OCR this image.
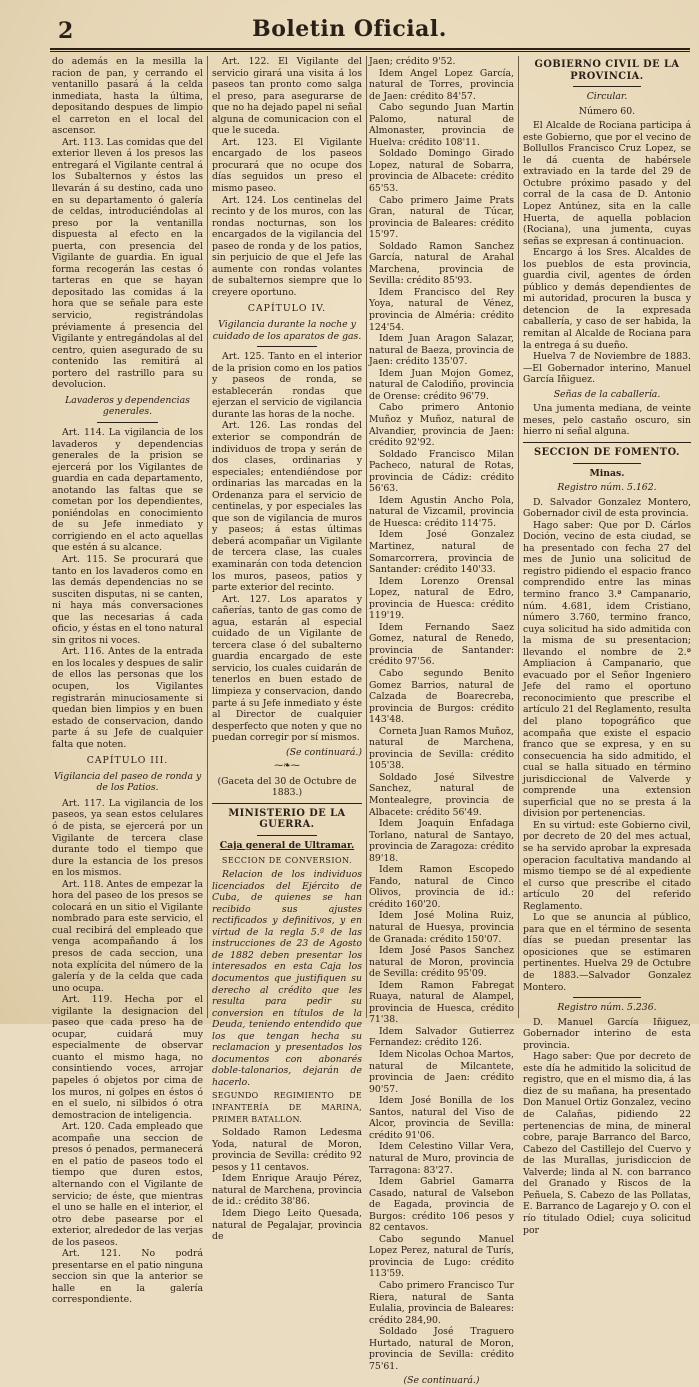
2	Boletin Oficial.

do además en la mesilla la racion de pan, y cerrando el ventanillo pasará á la celda inmediata, hasta la última, depositando despues de limpio el carreton en el local del ascensor.

Art. 113. Las comidas que del exterior lleven á los presos las entregará el Vigilante central á los Subalternos y éstos las llevarán á su destino, cada uno en su departamento ó galería de celdas, introduciéndolas al preso por la ventanilla dispuesta al efecto en la puerta, con presencia del Vigilante de guardia. En igual forma recogerán las cestas ó tarteras en que se hayan depositado las comidas á la hora que se señale para este servicio, registrándolas préviamente á presencia del Vigilante y entregándolas al del centro, quien asegurado de su contenido las remitirá al portero del rastrillo para su devolucion.

Lavaderos y dependencias generales.

Art. 114. La vigilancia de los lavaderos y dependencias generales de la prision se ejercerá por los Vigilantes de guardia en cada departamento, anotando las faltas que se cometan por los dependientes, poniéndolas en conocimiento de su Jefe inmediato y corrigiendo en el acto aquellas que estén á su alcance.

Art. 115. Se procurará que tanto en los lavaderos como en las demás dependencias no se susciten disputas, ni se canten, ni haya más conversaciones que las necesarias á cada oficio, y éstas en el tono natural sin gritos ni voces.

Art. 116. Antes de la entrada en los locales y despues de salir de ellos las personas que los ocupen, los Vigilantes registrarán minuciosamente si quedan bien limpios y en buen estado de conservacion, dando parte á su Jefe de cualquier falta que noten.

CAPÍTULO III.

Vigilancia del paseo de ronda y de los Patios.

Art. 117. La vigilancia de los paseos, ya sean estos celulares ó de pista, se ejercerá por un Vigilante de tercera clase durante todo el tiempo que dure la estancia de los presos en los mismos.

Art. 118. Antes de empezar la hora del paseo de los presos se colocará en un sitio el Vigilante nombrado para este servicio, el cual recibirá del empleado que venga acompañando á los presos de cada seccion, una nota explícita del número de la galería y de la celda que cada uno ocupa.

Art. 119. Hecha por el vigilante la designacion del paseo que cada preso ha de ocupar, cuidará muy especialmente de observar cuanto el mismo haga, no consintiendo voces, arrojar papeles ó objetos por cima de los muros, ni golpes en éstos ó en el suelo, ni silbidos ó otra demostracion de inteligencia.

Art. 120. Cada empleado que acompañe una seccion de presos ó penados, permanecerá en el patio de paseos todo el tiempo que duren estos, alternando con el Vigilante de servicio; de éste, que mientras el uno se halle en el interior, el otro debe pasearse por el exterior, alrededor de las verjas de los paseos.

Art. 121. No podrá presentarse en el patio ninguna seccion sin que la anterior se halle en la galería correspondiente.

Art. 122. El Vigilante del servicio girará una visita á los paseos tan pronto como salga el preso, para asegurarse de que no ha dejado papel ni señal alguna de comunicacion con el que le suceda.

Art. 123. El Vigilante encargado de los paseos procurará que no ocupe dos días seguidos un preso el mismo paseo.

Art. 124. Los centinelas del recinto y de los muros, con las rondas nocturnas, son los encargados de la vigilancia del paseo de ronda y de los patios, sin perjuicio de que el Jefe las aumente con rondas volantes de subalternos siempre que lo creyere oportuno.

CAPÍTULO IV.

Vigilancia durante la noche y cuidado de los aparatos de gas.

Art. 125. Tanto en el interior de la prision como en los patios y paseos de ronda, se establecerán rondas que ejerzan el servicio de vigilancia durante las horas de la noche.

Art. 126. Las rondas del exterior se compondrán de individuos de tropa y serán de dos clases, ordinarias y especiales; entendiéndose por ordinarias las marcadas en la Ordenanza para el servicio de centinelas, y por especiales las que son de vigilancia de muros y paseos; á estas últimas deberá acompañar un Vigilante de tercera clase, las cuales examinarán con toda detencion los muros, paseos, patios y parte exterior del recinto.

Art. 127. Los aparatos y cañerías, tanto de gas como de agua, estarán al especial cuidado de un Vigilante de tercera clase ó del subalterno guardia encargado de este servicio, los cuales cuidarán de tenerlos en buen estado de limpieza y conservacion, dando parte á su Jefe inmediato y éste al Director de cualquier desperfecto que noten y que no puedan corregir por sí mismos.

(Se continuará.)

⁓❧⁓

(Gaceta del 30 de Octubre de 1883.)

MINISTERIO DE LA GUERRA.

Caja general de Ultramar.

SECCION DE CONVERSION.

Relacion de los individuos licenciados del Ejército de Cuba, de quienes se han recibido sus ajustes rectificados y definitivos, y en virtud de la regla 5.ª de las instrucciones de 23 de Agosto de 1882 deben presentar los interesados en esta Caja los documentos que justifiquen su derecho al crédito que les resulta para pedir su conversion en títulos de la Deuda, teniendo entendido que los que tengan hecha su reclamacion y presentados los documentos con abonarés doble-talonarios, dejarán de hacerlo.

SEGUNDO REGIMIENTO DE INFANTERÍA DE MARINA, PRIMER BATALLON.

Soldado Ramon Ledesma Yoda, natural de Moron, provincia de Sevilla: crédito 92 pesos y 11 centavos.

Idem Enrique Araujo Pérez, natural de Marchena, provincia de id.: crédito 38'86.

Idem Diego Leito Quesada, natural de Pegalajar, provincia de

Jaen; crédito 9'52.

Idem Angel Lopez García, natural de Torres, provincia de Jaen: crédito 84'57.

Cabo segundo Juan Martin Palomo, natural de Almonaster, provincia de Huelva: crédito 108'11.

Soldado Domingo Girado Lopez, natural de Sobarra, provincia de Albacete: crédito 65'53.

Cabo primero Jaime Prats Gran, natural de Túcar, provincia de Baleares: crédito 15'97.

Soldado Ramon Sanchez García, natural de Arahal Marchena, provincia de Sevilla: crédito 85'93.

Idem Francisco del Rey Yoya, natural de Vénez, provincia de Alméria: crédito 124'54.

Idem Juan Aragon Salazar, natural de Baeza, provincia de Jaen: crédito 135'07.

Idem Juan Mojon Gomez, natural de Calodiño, provincia de Orense: crédito 96'79.

Cabo primero Antonio Muñoz y Muñoz, natural de Alvandier, provincia de Jaen: crédito 92'92.

Soldado Francisco Milan Pacheco, natural de Rotas, provincia de Cádiz: crédito 56'63.

Idem Agustin Ancho Pola, natural de Vizcamil, provincia de Huesca: crédito 114'75.

Idem José Gonzalez Martinez, natural de Somarcorrera, provincia de Santander: crédito 140'33.

Idem Lorenzo Orensal Lopez, natural de Edro, provincia de Huesca: crédito 119'19.

Idem Fernando Saez Gomez, natural de Renedo, provincia de Santander: crédito 97'56.

Cabo segundo Benito Gomez Barrios, natural de Calzada de Boarecreba, provincia de Burgos: crédito 143'48.

Corneta Juan Ramos Muñoz, natural de Marchena, provincia de Sevilla: crédito 105'38.

Soldado José Silvestre Sanchez, natural de Montealegre, provincia de Albacete: crédito 56'49.

Idem Joaquin Enfadaga Torlano, natural de Santayo, provincia de Zaragoza: crédito 89'18.

Idem Ramon Escopedo Fando, natural de Cinco Olivos, provincia de id.: crédito 160'20.

Idem José Molina Ruiz, natural de Huesya, provincia de Granada: crédito 150'07.

Idem José Pasos Sanchez natural de Moron, provincia de Sevilla: crédito 95'09.

Idem Ramon Fabregat Ruaya, natural de Alampel, provincia de Huesca, crédito 71'38.

Idem Salvador Gutierrez Fernandez: crédito 126.

Idem Nicolas Ochoa Martos, natural de Milcantete, provincia de Jaen: crédito 90'57.

Idem José Bonilla de los Santos, natural del Viso de Alcor, provincia de Sevilla: crédito 91'06.

Idem Celestino Villar Vera, natural de Muro, provincia de Tarragona: 83'27.

Idem Gabriel Gamarra Casado, natural de Valsebon de Eagada, provincia de Burgos: crédito 106 pesos y 82 centavos.

Cabo segundo Manuel Lopez Perez, natural de Turís, provincia de Lugo: crédito 113'59.

Cabo primero Francisco Tur Riera, natural de Santa Eulalia, provincia de Baleares: crédito 284,90.

Soldado José Traguero Hurtado, natural de Moron, provincia de Sevilla: crédito 75'61.

(Se continuará.)

GOBIERNO CIVIL DE LA PROVINCIA.

Circular.

Número 60.

El Alcalde de Rociana participa á este Gobierno, que por el vecino de Bollullos Francisco Cruz Lopez, se le dá cuenta de habérsele extraviado en la tarde del 29 de Octubre próximo pasado y del corral de la casa de D. Antonio Lopez Antúnez, sita en la calle Huerta, de aquella poblacion (Rociana), una jumenta, cuyas señas se expresan á continuacion.

Encargo á los Sres. Alcaldes de los pueblos de esta provincia, guardia civil, agentes de órden público y demás dependientes de mi autoridad, procuren la busca y detencion de la expresada caballería, y caso de ser habida, la remitan al Alcalde de Rociana para la entrega á su dueño.

Huelva 7 de Noviembre de 1883.—El Gobernador interino, Manuel García Iñiguez.

Señas de la caballería.

Una jumenta mediana, de veinte meses, pelo castaño oscuro, sin hierro ni señal alguna.

SECCION DE FOMENTO.

Minas.

Registro núm. 5.162.

D. Salvador Gonzalez Montero, Gobernador civil de esta provincia.

Hago saber: Que por D. Cárlos Doción, vecino de esta ciudad, se ha presentado con fecha 27 del mes de Junio una solicitud de registro pidiendo el espacio franco comprendido entre las minas termino franco 3.ª Campanario, núm. 4.681, idem Cristiano, número 3.760, termino franco, cuya solicitud ha sido admitida con la misma de su presentacion; llevando el nombre de 2.ª Ampliacion á Campanario, que evacuado por el Señor Ingeniero Jefe del ramo el oportuno reconocimiento que prescribe el artículo 21 del Reglamento, resulta del plano topográfico que acompaña que existe el espacio franco que se expresa, y en su consecuencia ha sido admitido, el cual se halla situado en término jurisdiccional de Valverde y comprende una extension superficial que no se presta á la division por pertenencias.

En su virtud: este Gobierno civil, por decreto de 20 del mes actual, se ha servido aprobar la expresada operacion facultativa mandando al mismo tiempo se dé al expediente el curso que prescribe el citado artículo 20 del referido Reglamento.

Lo que se anuncia al público, para que en el término de sesenta días se puedan presentar las oposiciones que se estimaren pertinentes. Huelva 29 de Octubre de 1883.—Salvador Gonzalez Montero.

Registro núm. 5.236.

D. Manuel García Iñiguez, Gobernador interino de esta provincia.

Hago saber: Que por decreto de este día he admitido la solicitud de registro, que en el mismo dia, á las diez de su mañana, ha presentado Don Manuel Ortiz Gonzalez, vecino de Calañas, pidiendo 22 pertenencias de mina, de mineral cobre, paraje Barranco del Barco, Cabezo del Castillejo del Cuervo y de las Murallas, jurisdiccion de Valverde; linda al N. con barranco del Granado y Riscos de la Peñuela, S. Cabezo de las Pollatas, E. Barranco de Lagarejo y O. con el río titulado Odiel; cuya solicitud por
